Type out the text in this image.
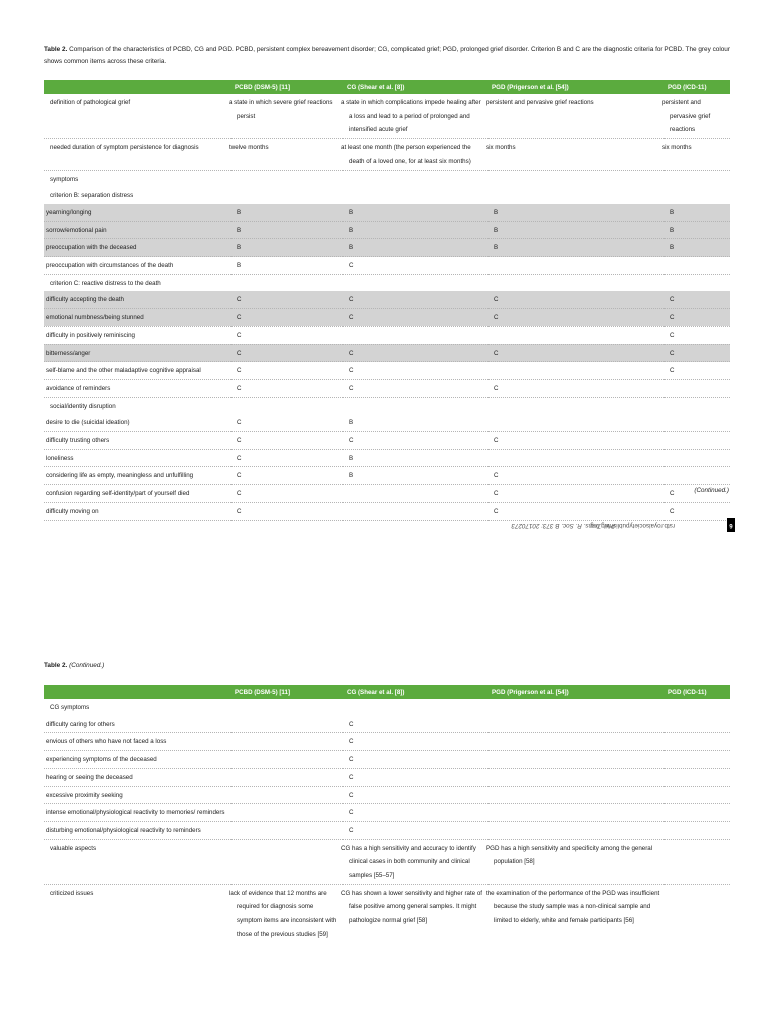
Table 2. Comparison of the characteristics of PCBD, CG and PGD. PCBD, persistent complex bereavement disorder; CG, complicated grief; PGD, prolonged grief disorder. Criterion B and C are the diagnostic criteria for PCBD. The grey colour shows common items across these criteria.
	PCBD (DSM-5) [11]	CG (Shear et al. [8])	PGD (Prigerson et al. [54])	PGD (ICD-11)
definition of pathological grief	a state in which severe grief reactions persist	a state in which complications impede healing after a loss and lead to a period of prolonged and intensified acute grief	persistent and pervasive grief reactions	persistent and pervasive grief reactions
needed duration of symptom persistence for diagnosis	twelve months	at least one month (the person experienced the death of a loved one, for at least six months)	six months	six months
symptoms				
criterion B: separation distress				
yearning/longing	B	B	B	B
sorrow/emotional pain	B	B	B	B
preoccupation with the deceased	B	B	B	B
preoccupation with circumstances of the death	B	C		
criterion C: reactive distress to the death				
difficulty accepting the death	C	C	C	C
emotional numbness/being stunned	C	C	C	C
difficulty in positively reminiscing	C			C
bitterness/anger	C	C	C	C
self-blame and the other maladaptive cognitive appraisal	C	C		C
avoidance of reminders	C	C	C	
social/identity disruption				
desire to die (suicidal ideation)	C	B		
difficulty trusting others	C	C	C	
loneliness	C	B		
considering life as empty, meaningless and unfulfilling	C	B	C	
confusion regarding self-identity/part of yourself died	C		C	C
difficulty moving on	C		C	C
(Continued.)
6
rstb.royalsocietypublishing.org
Phil. Trans. R. Soc. B 373: 20170273
Table 2. (Continued.)
	PCBD (DSM-5) [11]	CG (Shear et al. [8])	PGD (Prigerson et al. [54])	PGD (ICD-11)
CG symptoms				
difficulty caring for others		C		
envious of others who have not faced a loss		C		
experiencing symptoms of the deceased		C		
hearing or seeing the deceased		C		
excessive proximity seeking		C		
intense emotional/physiological reactivity to memories/ reminders		C		
disturbing emotional/physiological reactivity to reminders		C		
valuable aspects		CG has a high sensitivity and accuracy to identify clinical cases in both community and clinical samples [55–57]	PGD has a high sensitivity and specificity among the general population [58]	
criticized issues	lack of evidence that 12 months are required for diagnosis some symptom items are inconsistent with those of the previous studies [59]	CG has shown a lower sensitivity and higher rate of false positive among general samples. It might pathologize normal grief [58]	the examination of the performance of the PGD was insufficient because the study sample was a non-clinical sample and limited to elderly, white and female participants [56]	
